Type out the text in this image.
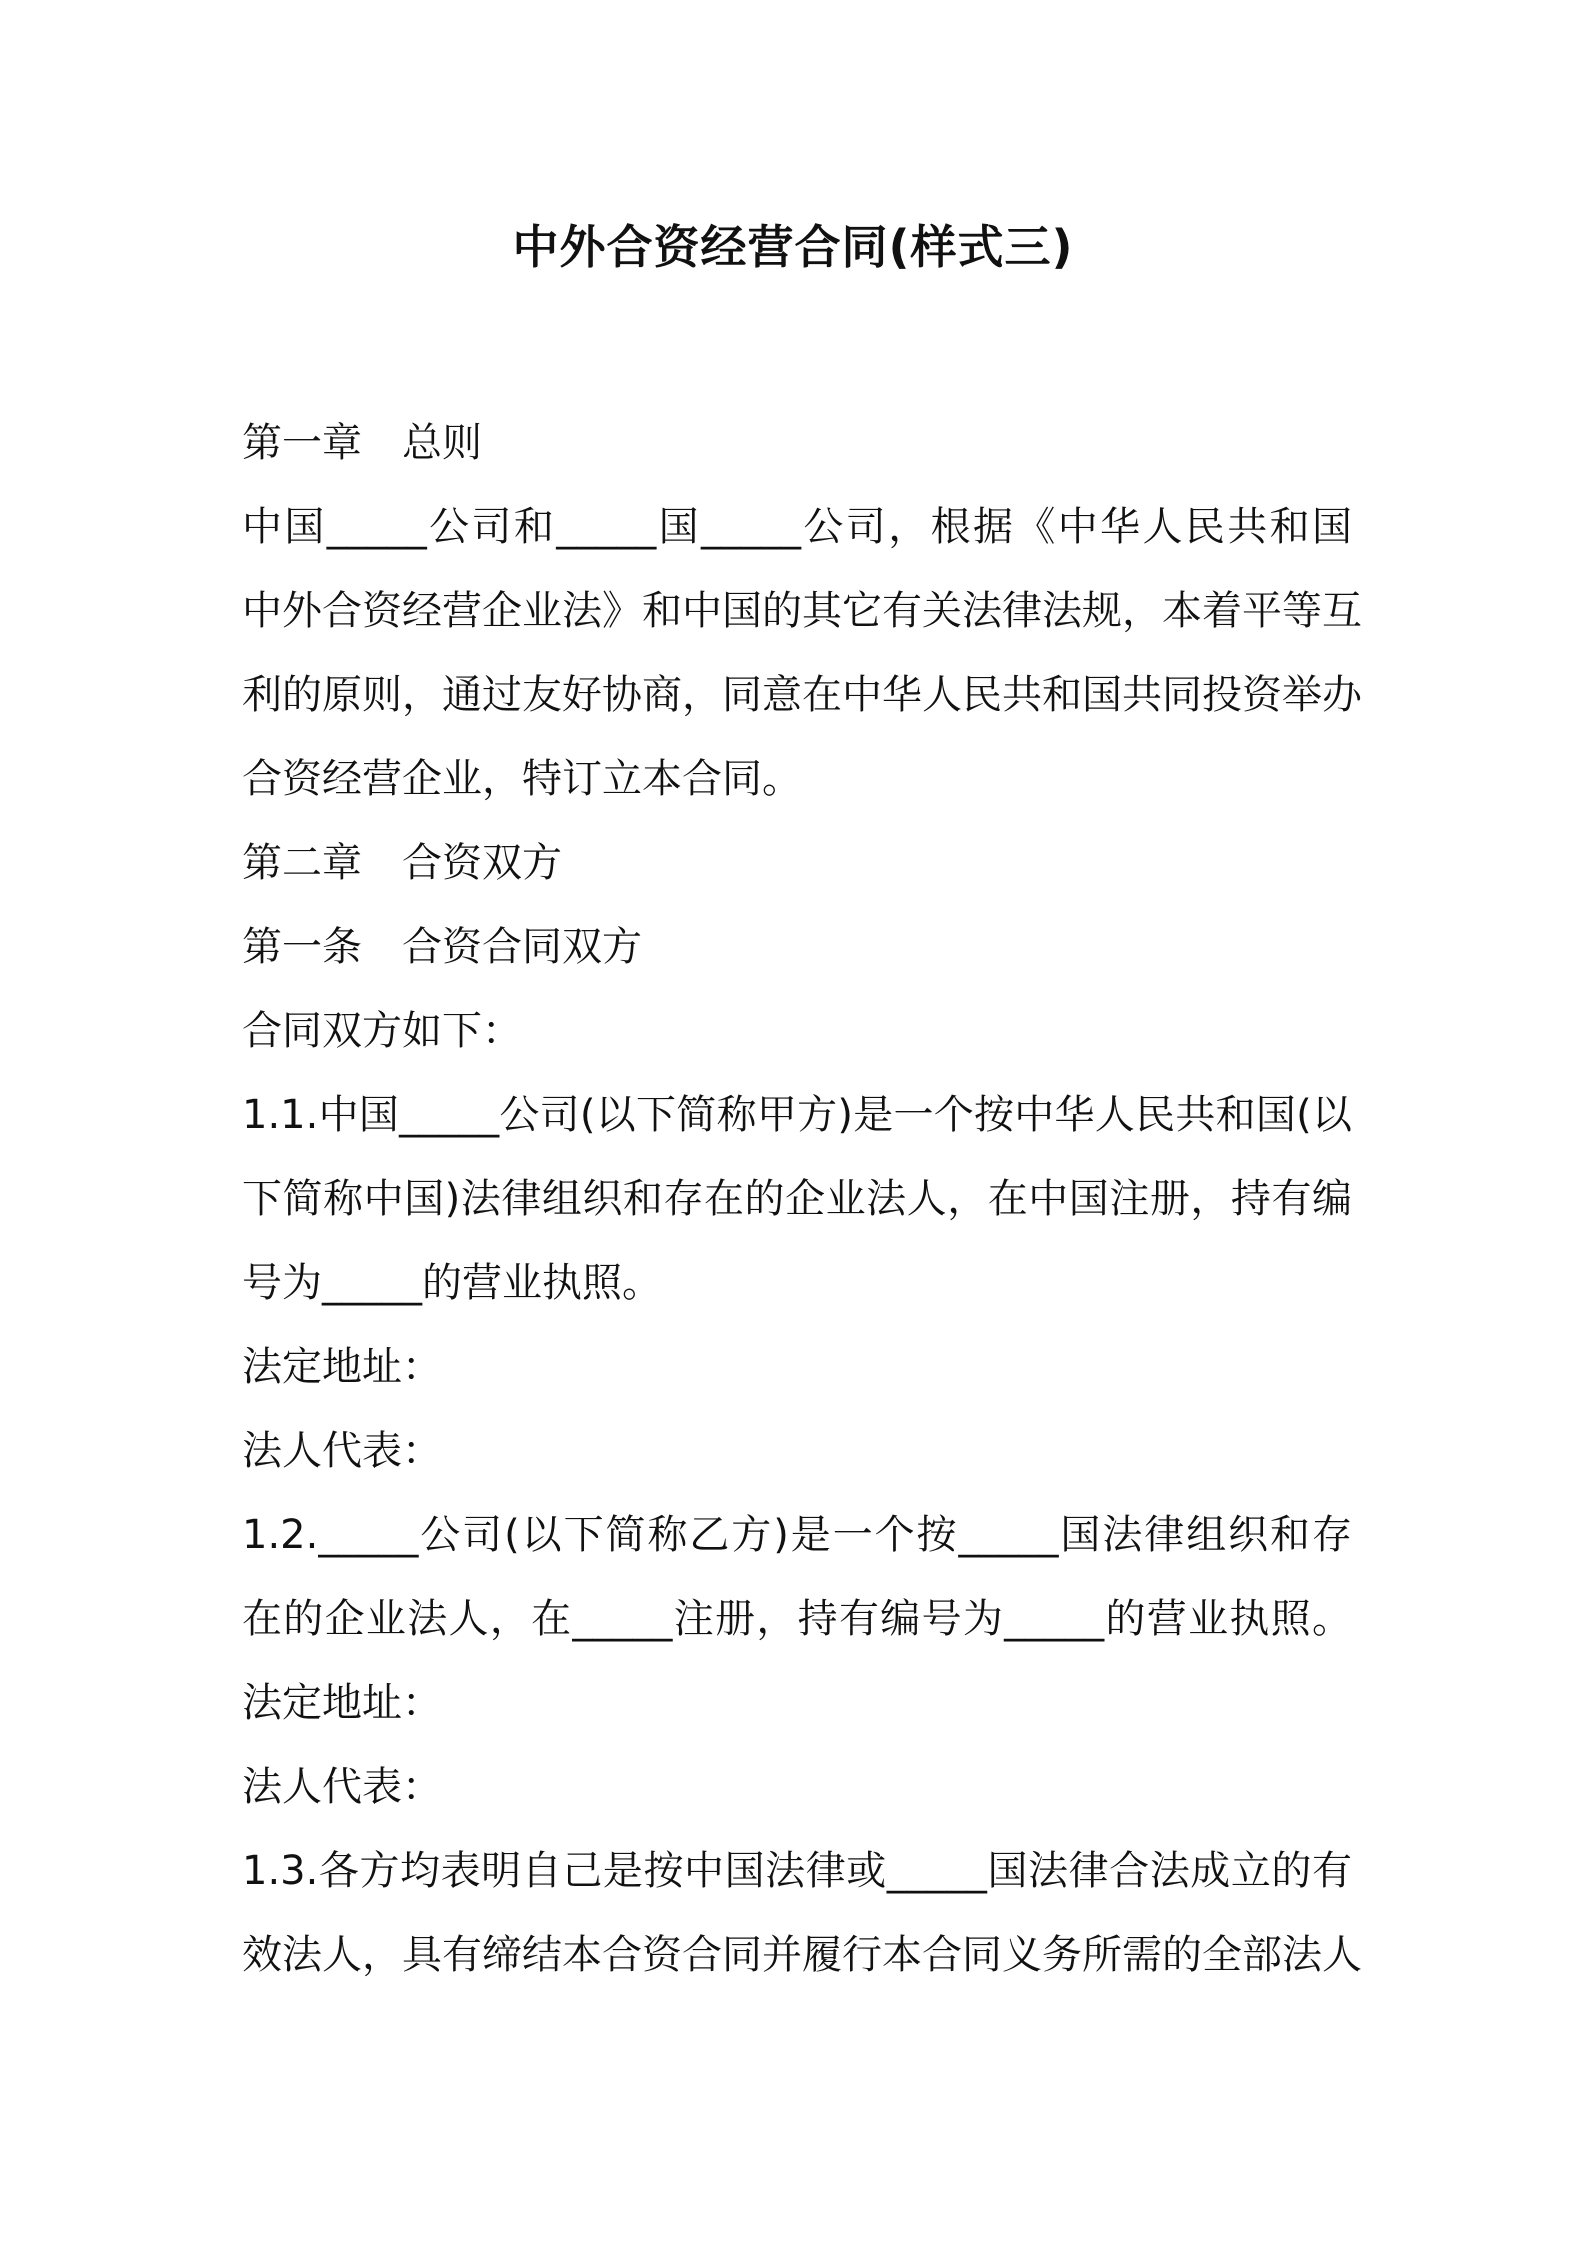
中外合资经营合同(样式三)

第一章　总则

中国_____公司和_____国_____公司，根据《中华人民共和国

中外合资经营企业法》和中国的其它有关法律法规，本着平等互

利的原则，通过友好协商，同意在中华人民共和国共同投资举办

合资经营企业，特订立本合同。

第二章　合资双方

第一条　合资合同双方

合同双方如下：

1.1.中国_____公司(以下简称甲方)是一个按中华人民共和国(以

下简称中国)法律组织和存在的企业法人，在中国注册，持有编

号为_____的营业执照。

法定地址：

法人代表：

1.2._____公司(以下简称乙方)是一个按_____国法律组织和存

在的企业法人，在_____注册，持有编号为_____的营业执照。

法定地址：

法人代表：

1.3.各方均表明自己是按中国法律或_____国法律合法成立的有

效法人，具有缔结本合资合同并履行本合同义务所需的全部法人
